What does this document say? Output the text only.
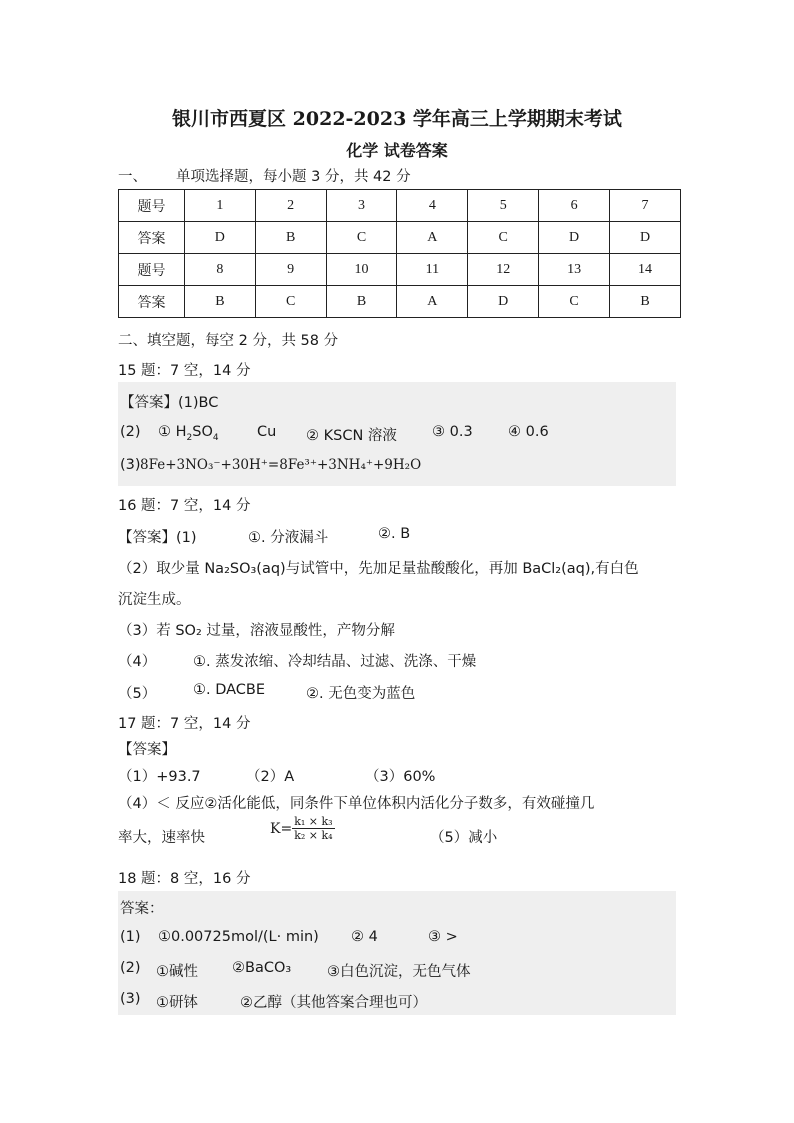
银川市西夏区 2022-2023 学年高三上学期期末考试
化学 试卷答案
一、 单项选择题，每小题 3 分，共 42 分
题号	1	2	3	4	5	6	7
答案	D	B	C	A	C	D	D
题号	8	9	10	11	12	13	14
答案	B	C	B	A	D	C	B
二、填空题，每空 2 分，共 58 分
15 题：7 空，14 分
【答案】(1)BC
(2) ① $H_2SO_4$	Cu ② KSCN 溶液 ③ 0.3 ④ 0.6
(3) 8Fe+3NO₃⁻+30H⁺=8Fe³⁺+3NH₄⁺+9H₂O
16 题：7 空，14 分
【答案】(1)	①. 分液漏斗	②. B
（2）取少量 Na₂SO₃(aq)与试管中，先加足量盐酸酸化，再加 BaCl₂(aq),有白色
沉淀生成。
（3）若 SO₂ 过量，溶液显酸性，产物分解
（4）	①. 蒸发浓缩、冷却结晶、过滤、洗涤、干燥
（5）	①. DACBE	②. 无色变为蓝色
17 题：7 空，14 分
【答案】
（1）+93.7	（2）A	（3）60%
（4）＜ 反应②活化能低，同条件下单位体积内活化分子数多，有效碰撞几
率大，速率快
$K= \frac{\text{k₁ × k₃}}{\text{k₂ × k₄}}$	（5）减小
18 题：8 空，16 分
答案：
(1) ①0.00725mol/(L· min) ② 4	③ >
(2) ①碱性 ②BaCO₃ ③白色沉淀，无色气体
(3) ①研钵	②乙醇（其他答案合理也可）
